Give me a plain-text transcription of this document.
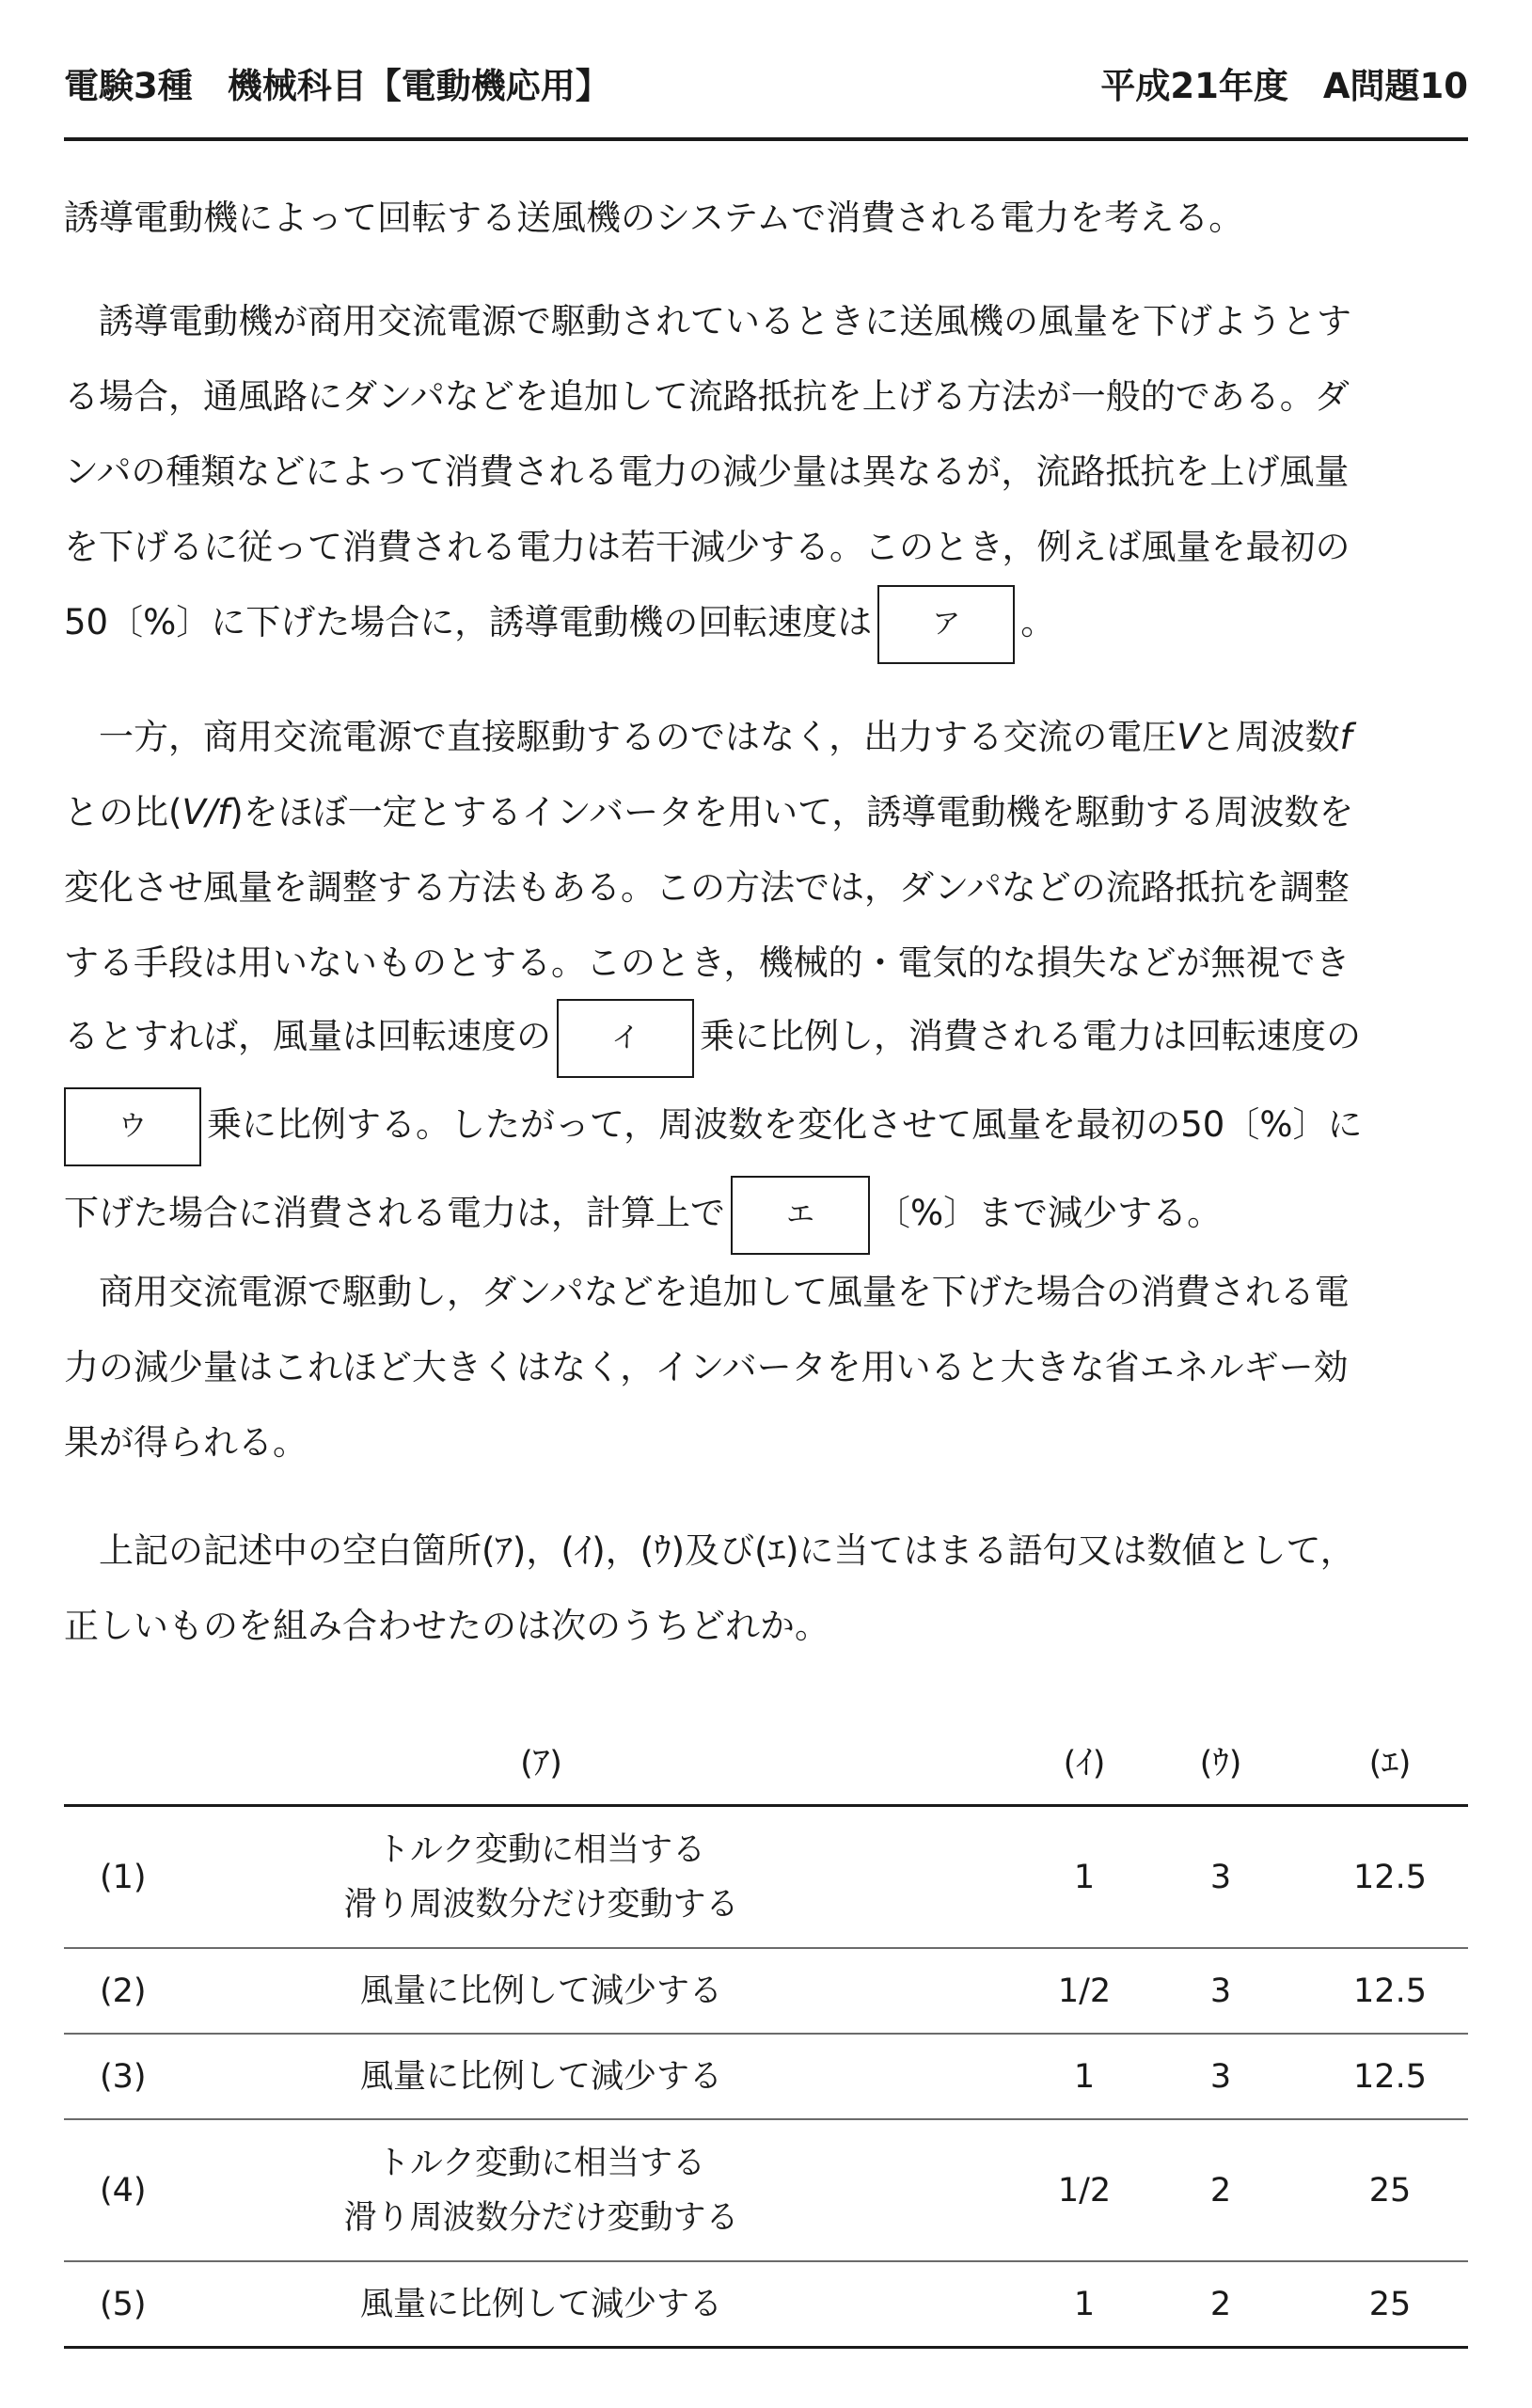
電験3種　機械科目【電動機応用】	平成21年度　A問題10
誘導電動機によって回転する送風機のシステムで消費される電力を考える。
誘導電動機が商用交流電源で駆動されているときに送風機の風量を下げようとす
る場合，通風路にダンパなどを追加して流路抵抗を上げる方法が一般的である。ダ
ンパの種類などによって消費される電力の減少量は異なるが，流路抵抗を上げ風量
を下げるに従って消費される電力は若干減少する。このとき，例えば風量を最初の
50〔%〕に下げた場合に，誘導電動機の回転速度は ア 。
一方，商用交流電源で直接駆動するのではなく，出力する交流の電圧Vと周波数f
との比(V/f)をほぼ一定とするインバータを用いて，誘導電動機を駆動する周波数を
変化させ風量を調整する方法もある。この方法では，ダンパなどの流路抵抗を調整
する手段は用いないものとする。このとき，機械的・電気的な損失などが無視でき
るとすれば，風量は回転速度の イ 乗に比例し，消費される電力は回転速度の
ウ 乗に比例する。したがって，周波数を変化させて風量を最初の50〔%〕に
下げた場合に消費される電力は，計算上で エ 〔%〕まで減少する。
商用交流電源で駆動し，ダンパなどを追加して風量を下げた場合の消費される電
力の減少量はこれほど大きくはなく，インバータを用いると大きな省エネルギー効
果が得られる。
上記の記述中の空白箇所(ｱ)，(ｲ)，(ｳ)及び(ｴ)に当てはまる語句又は数値として，
正しいものを組み合わせたのは次のうちどれか。
(ｱ)	(ｲ)	(ｳ)	(ｴ)
(1)
トルク変動に相当する
滑り周波数分だけ変動する
1	3	12.5
(2)	風量に比例して減少する	1/2	3	12.5
(3)	風量に比例して減少する	1	3	12.5
(4)
トルク変動に相当する
滑り周波数分だけ変動する
1/2	2	25
(5)	風量に比例して減少する	1	2	25
